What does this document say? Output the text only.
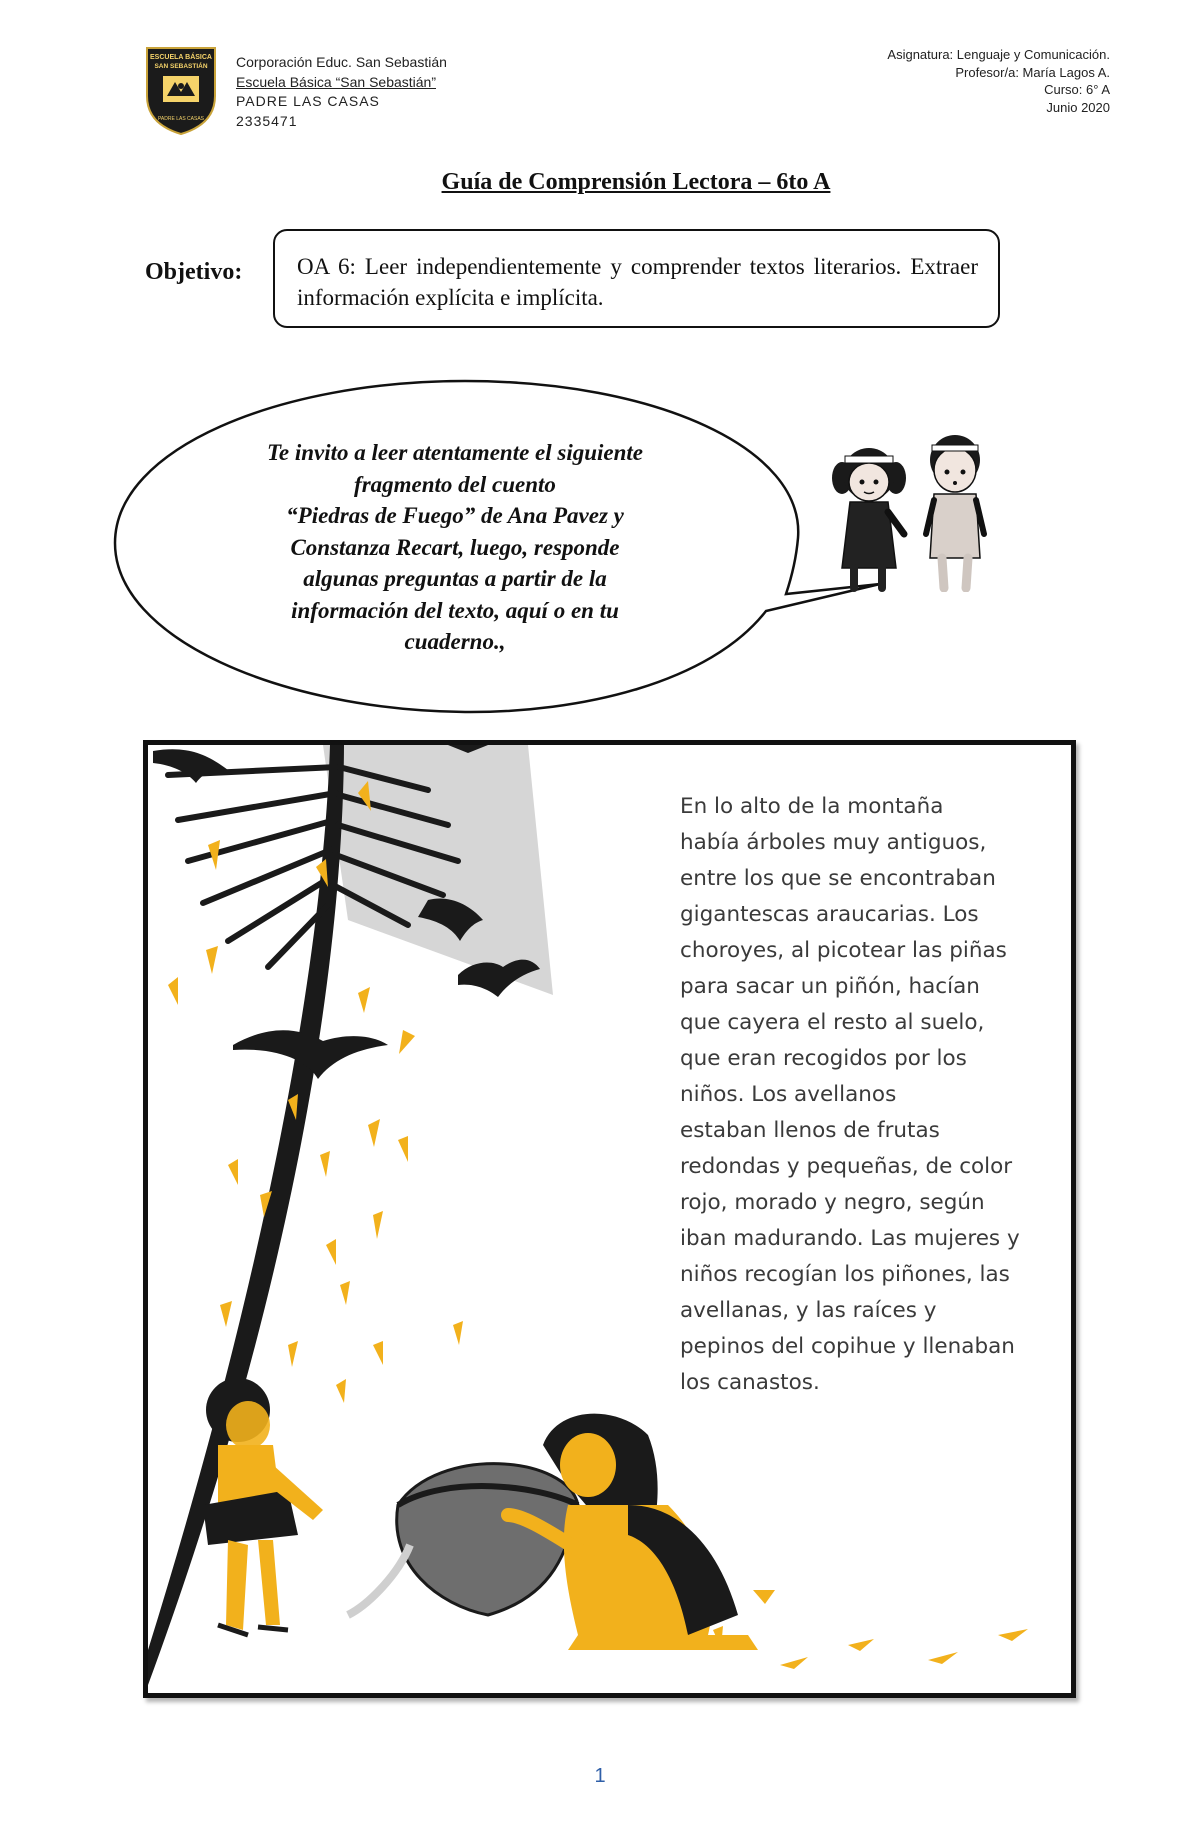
ESCUELA BÁSICA
SAN SEBASTIÁN
PADRE LAS CASAS
Corporación Educ. San Sebastián
Escuela Básica “San Sebastián”
PADRE LAS CASAS
2335471
Asignatura: Lenguaje y Comunicación.
Profesor/a: María Lagos A.
Curso: 6° A
Junio 2020
Guía de Comprensión Lectora – 6to A
Objetivo:	OA 6: Leer independientemente y comprender textos literarios. Extraer información explícita e implícita.
Te invito a leer atentamente el siguiente
fragmento del cuento
“Piedras de Fuego” de Ana Pavez y
Constanza Recart, luego, responde
algunas preguntas a partir de la
información del texto, aquí o en tu
cuaderno.,
En lo alto de la montaña
había árboles muy antiguos,
entre los que se encontraban
gigantescas araucarias. Los
choroyes, al picotear las piñas
para sacar un piñón, hacían
que cayera el resto al suelo,
que eran recogidos por los
niños. Los avellanos
estaban llenos de frutas
redondas y pequeñas, de color
rojo, morado y negro, según
iban madurando. Las mujeres y
niños recogían los piñones, las
avellanas, y las raíces y
pepinos del copihue y llenaban
los canastos.
1
